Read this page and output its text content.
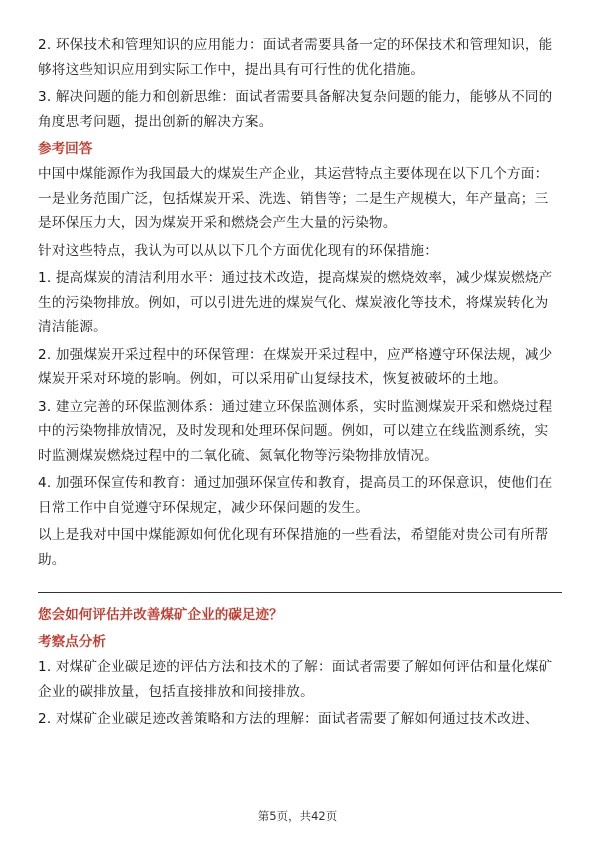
2. 环保技术和管理知识的应用能力：面试者需要具备一定的环保技术和管理知识，能够将这些知识应用到实际工作中，提出具有可行性的优化措施。

3. 解决问题的能力和创新思维：面试者需要具备解决复杂问题的能力，能够从不同的角度思考问题，提出创新的解决方案。

参考回答

中国中煤能源作为我国最大的煤炭生产企业，其运营特点主要体现在以下几个方面：一是业务范围广泛，包括煤炭开采、洗选、销售等；二是生产规模大，年产量高；三是环保压力大，因为煤炭开采和燃烧会产生大量的污染物。

针对这些特点，我认为可以从以下几个方面优化现有的环保措施：

1. 提高煤炭的清洁利用水平：通过技术改造，提高煤炭的燃烧效率，减少煤炭燃烧产生的污染物排放。例如，可以引进先进的煤炭气化、煤炭液化等技术，将煤炭转化为清洁能源。

2. 加强煤炭开采过程中的环保管理：在煤炭开采过程中，应严格遵守环保法规，减少煤炭开采对环境的影响。例如，可以采用矿山复绿技术，恢复被破坏的土地。

3. 建立完善的环保监测体系：通过建立环保监测体系，实时监测煤炭开采和燃烧过程中的污染物排放情况，及时发现和处理环保问题。例如，可以建立在线监测系统，实时监测煤炭燃烧过程中的二氧化硫、氮氧化物等污染物排放情况。

4. 加强环保宣传和教育：通过加强环保宣传和教育，提高员工的环保意识，使他们在日常工作中自觉遵守环保规定，减少环保问题的发生。

以上是我对中国中煤能源如何优化现有环保措施的一些看法，希望能对贵公司有所帮助。

您会如何评估并改善煤矿企业的碳足迹？
考察点分析

1. 对煤矿企业碳足迹的评估方法和技术的了解：面试者需要了解如何评估和量化煤矿企业的碳排放量，包括直接排放和间接排放。

2. 对煤矿企业碳足迹改善策略和方法的理解：面试者需要了解如何通过技术改进、

第5页，共42页
